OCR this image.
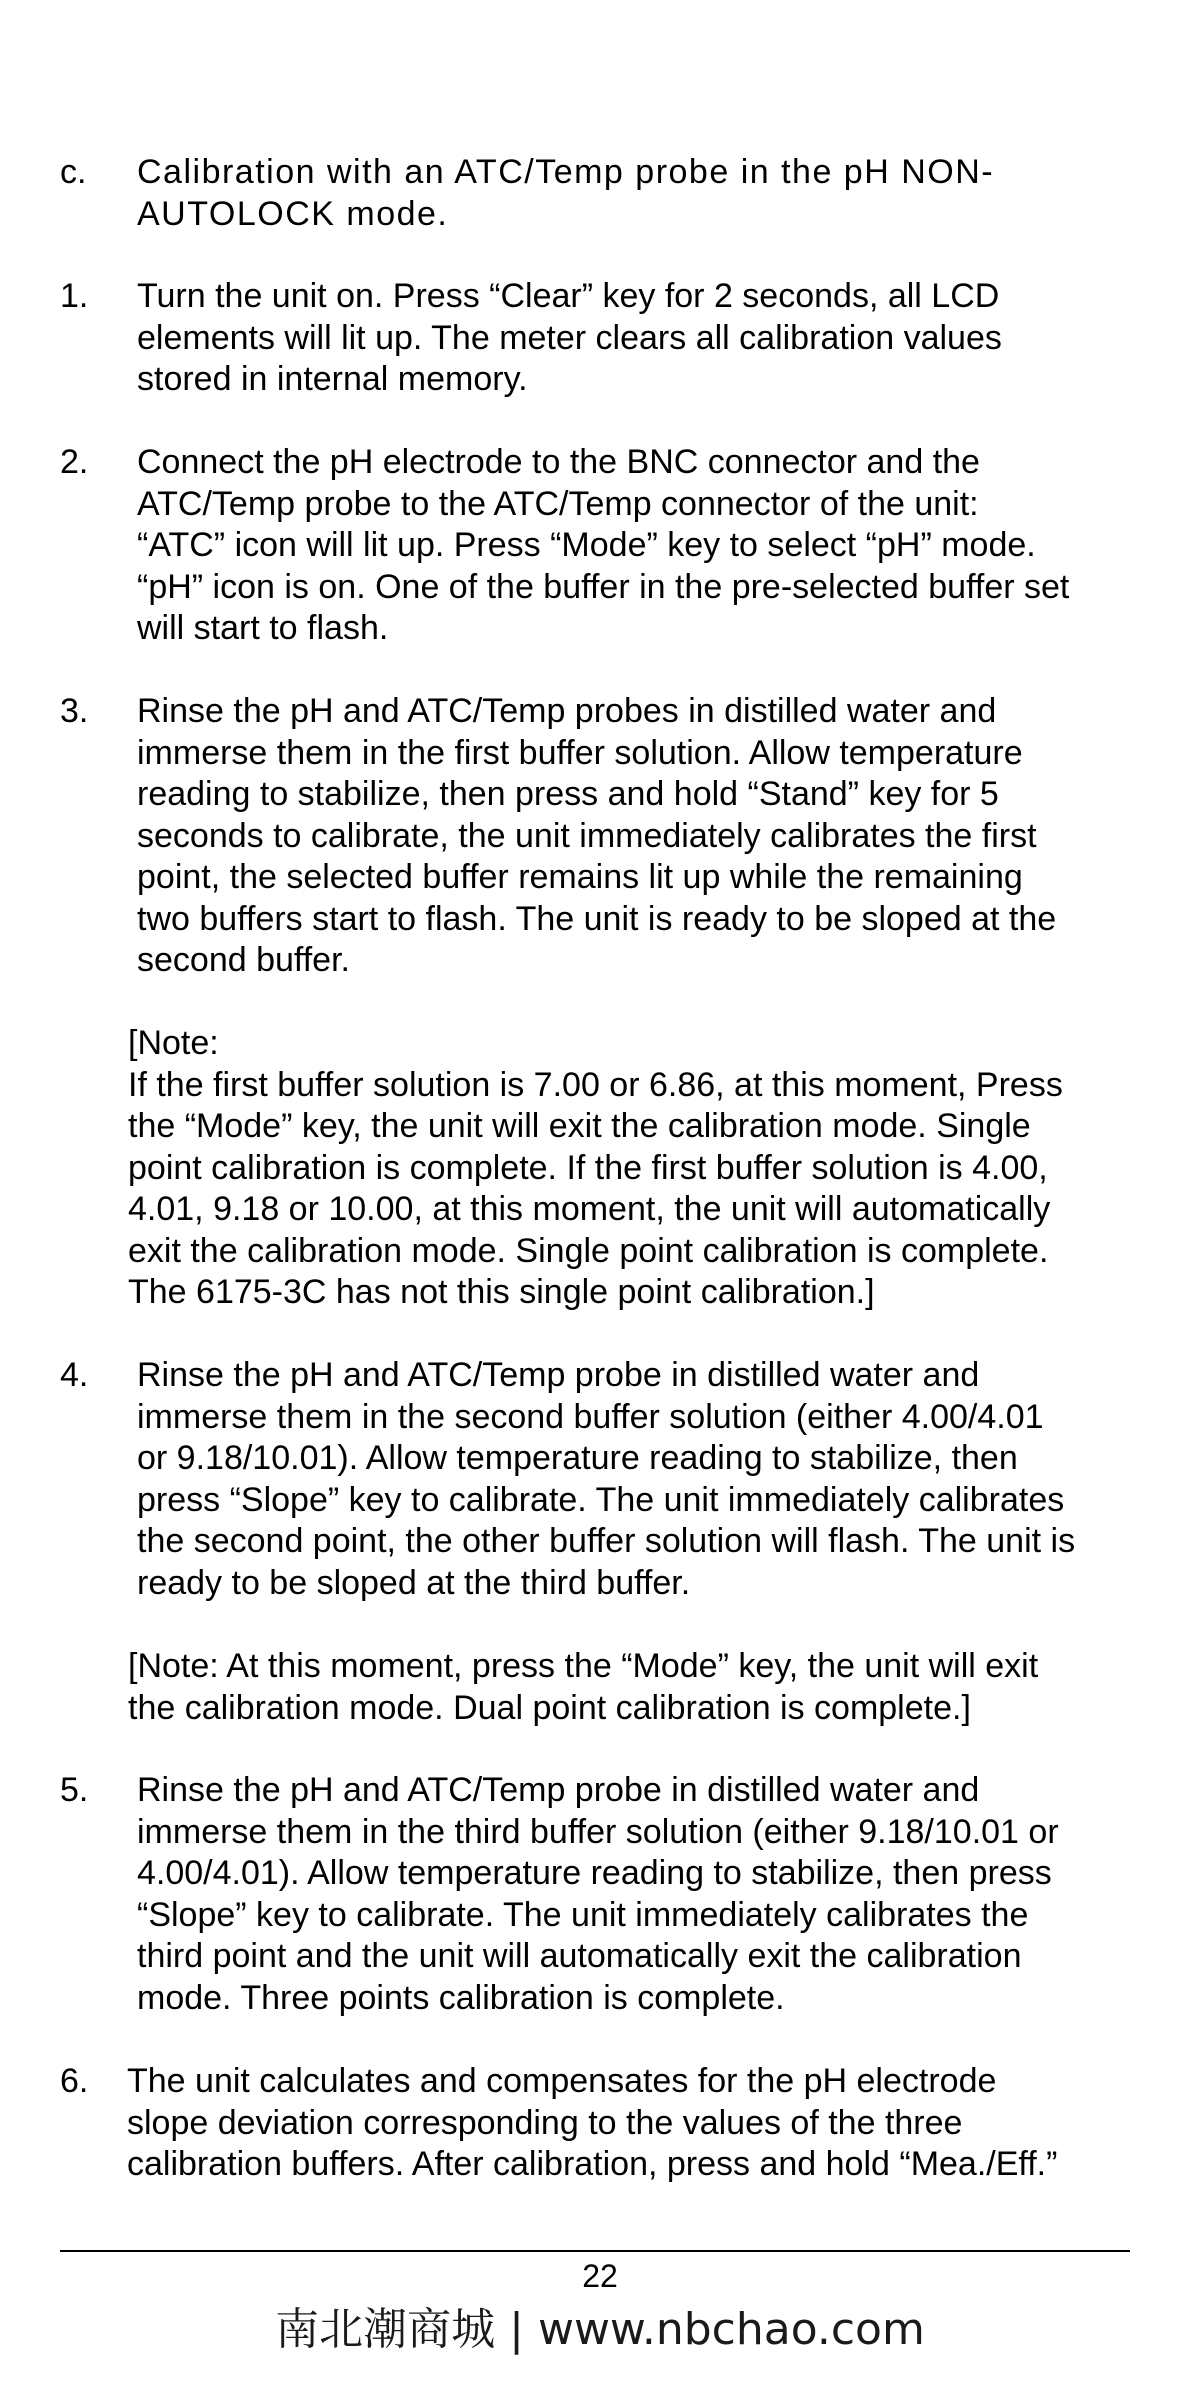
c. Calibration with an ATC/Temp probe in the pH NON-
AUTOLOCK mode.
1. Turn the unit on. Press “Clear” key for 2 seconds, all LCD
elements will lit up. The meter clears all calibration values
stored in internal memory.
2. Connect the pH electrode to the BNC connector and the
ATC/Temp probe to the ATC/Temp connector of the unit:
“ATC” icon will lit up. Press “Mode” key to select “pH” mode.
“pH” icon is on. One of the buffer in the pre-selected buffer set
will start to flash.
3. Rinse the pH and ATC/Temp probes in distilled water and
immerse them in the first buffer solution. Allow temperature
reading to stabilize, then press and hold “Stand” key for 5
seconds to calibrate, the unit immediately calibrates the first
point, the selected buffer remains lit up while the remaining
two buffers start to flash. The unit is ready to be sloped at the
second buffer.
[Note:
If the first buffer solution is 7.00 or 6.86, at this moment, Press
the “Mode” key, the unit will exit the calibration mode. Single
point calibration is complete. If the first buffer solution is 4.00,
4.01, 9.18 or 10.00, at this moment, the unit will automatically
exit the calibration mode. Single point calibration is complete.
The 6175-3C has not this single point calibration.]
4. Rinse the pH and ATC/Temp probe in distilled water and
immerse them in the second buffer solution (either 4.00/4.01
or 9.18/10.01). Allow temperature reading to stabilize, then
press “Slope” key to calibrate. The unit immediately calibrates
the second point, the other buffer solution will flash. The unit is
ready to be sloped at the third buffer.
[Note: At this moment, press the “Mode” key, the unit will exit
the calibration mode. Dual point calibration is complete.]
5. Rinse the pH and ATC/Temp probe in distilled water and
immerse them in the third buffer solution (either 9.18/10.01 or
4.00/4.01). Allow temperature reading to stabilize, then press
“Slope” key to calibrate. The unit immediately calibrates the
third point and the unit will automatically exit the calibration
mode. Three points calibration is complete.
6. The unit calculates and compensates for the pH electrode
slope deviation corresponding to the values of the three
calibration buffers. After calibration, press and hold “Mea./Eff.”
22
南北潮商城 | www.nbchao.com
